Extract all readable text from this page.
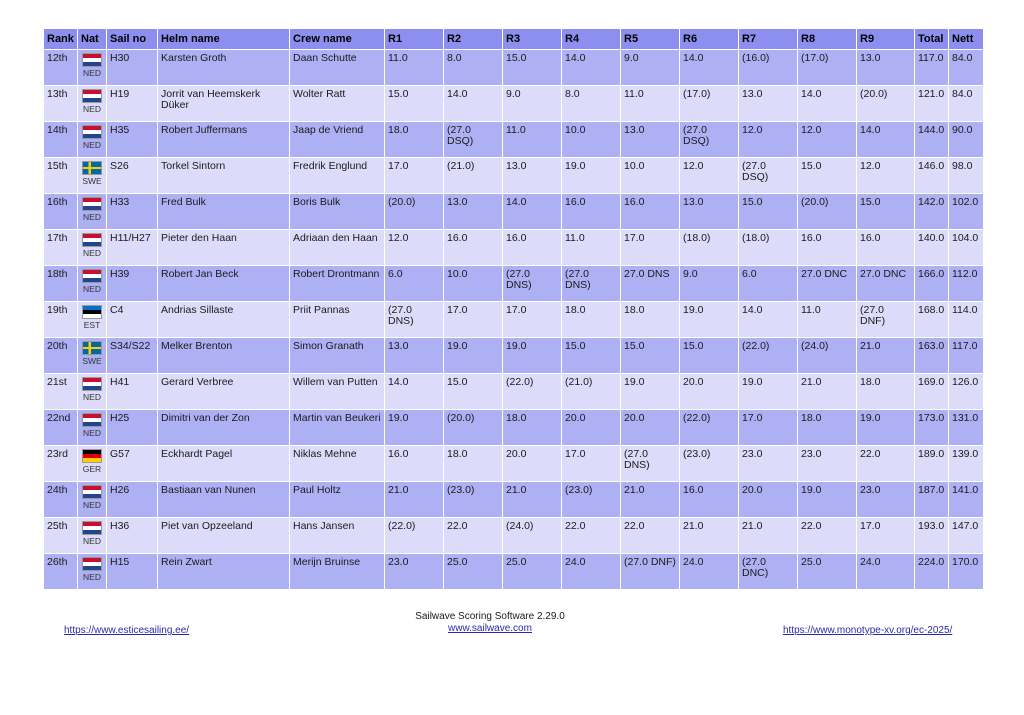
Rank	Nat	Sail no	Helm name	Crew name	R1	R2	R3	R4	R5	R6	R7	R8	R9	Total	Nett
12th	NED	H30	Karsten Groth	Daan Schutte	11.0	8.0	15.0	14.0	9.0	14.0	(16.0)	(17.0)	13.0	117.0	84.0
13th	NED	H19	Jorrit van Heemskerk Düker	Wolter Ratt	15.0	14.0	9.0	8.0	11.0	(17.0)	13.0	14.0	(20.0)	121.0	84.0
14th	NED	H35	Robert Juffermans	Jaap de Vriend	18.0	(27.0 DSQ)	11.0	10.0	13.0	(27.0 DSQ)	12.0	12.0	14.0	144.0	90.0
15th	SWE	S26	Torkel Sintorn	Fredrik Englund	17.0	(21.0)	13.0	19.0	10.0	12.0	(27.0 DSQ)	15.0	12.0	146.0	98.0
16th	NED	H33	Fred Bulk	Boris Bulk	(20.0)	13.0	14.0	16.0	16.0	13.0	15.0	(20.0)	15.0	142.0	102.0
17th	NED	H11/H27	Pieter den Haan	Adriaan den Haan	12.0	16.0	16.0	11.0	17.0	(18.0)	(18.0)	16.0	16.0	140.0	104.0
18th	NED	H39	Robert Jan Beck	Robert Drontmann	6.0	10.0	(27.0 DNS)	(27.0 DNS)	27.0 DNS	9.0	6.0	27.0 DNC	27.0 DNC	166.0	112.0
19th	EST	C4	Andrias Sillaste	Priit Pannas	(27.0 DNS)	17.0	17.0	18.0	18.0	19.0	14.0	11.0	(27.0 DNF)	168.0	114.0
20th	SWE	S34/S22	Melker Brenton	Simon Granath	13.0	19.0	19.0	15.0	15.0	15.0	(22.0)	(24.0)	21.0	163.0	117.0
21st	NED	H41	Gerard Verbree	Willem van Putten	14.0	15.0	(22.0)	(21.0)	19.0	20.0	19.0	21.0	18.0	169.0	126.0
22nd	NED	H25	Dimitri van der Zon	Martin van Beukeri	19.0	(20.0)	18.0	20.0	20.0	(22.0)	17.0	18.0	19.0	173.0	131.0
23rd	GER	G57	Eckhardt Pagel	Niklas Mehne	16.0	18.0	20.0	17.0	(27.0 DNS)	(23.0)	23.0	23.0	22.0	189.0	139.0
24th	NED	H26	Bastiaan van Nunen	Paul Holtz	21.0	(23.0)	21.0	(23.0)	21.0	16.0	20.0	19.0	23.0	187.0	141.0
25th	NED	H36	Piet van Opzeeland	Hans Jansen	(22.0)	22.0	(24.0)	22.0	22.0	21.0	21.0	22.0	17.0	193.0	147.0
26th	NED	H15	Rein Zwart	Merijn Bruinse	23.0	25.0	25.0	24.0	(27.0 DNF)	24.0	(27.0 DNC)	25.0	24.0	224.0	170.0
Sailwave Scoring Software 2.29.0
www.sailwave.com
https://www.esticesailing.ee/	https://www.monotype-xv.org/ec-2025/
